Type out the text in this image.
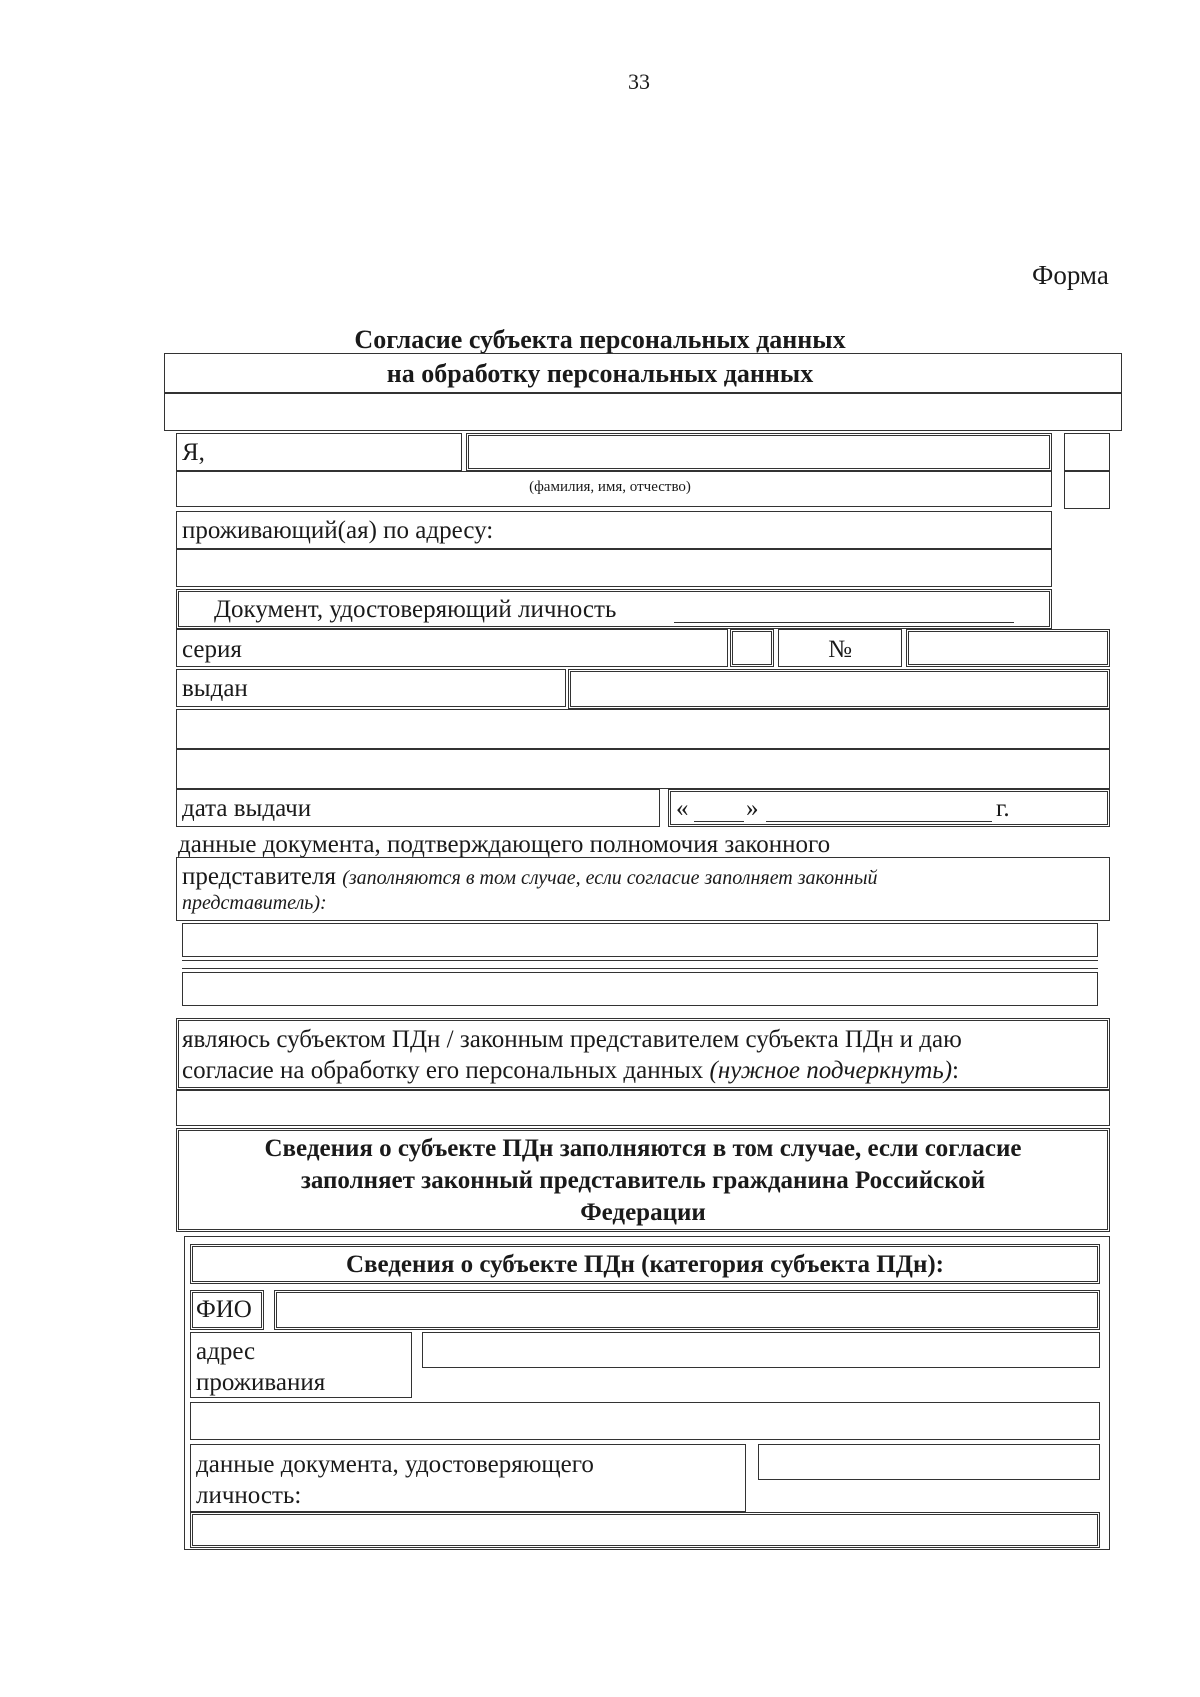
33
Форма
Согласие субъекта персональных данных
на обработку персональных данных
Я,
(фамилия, имя, отчество)
проживающий(ая) по адресу:
Документ, удостоверяющий личность
серия	№
выдан
дата выдачи	« »	г.
данные документа, подтверждающего полномочия законного
представителя (заполняются в том случае, если согласие заполняет законный
представитель):
являюсь субъектом ПДн / законным представителем субъекта ПДн и даю
согласие на обработку его персональных данных (нужное подчеркнуть):
Сведения о субъекте ПДн заполняются в том случае, если согласие
заполняет законный представитель гражданина Российской
Федерации
Сведения о субъекте ПДн (категория субъекта ПДн):
ФИО
адрес
проживания
данные документа, удостоверяющего
личность:
